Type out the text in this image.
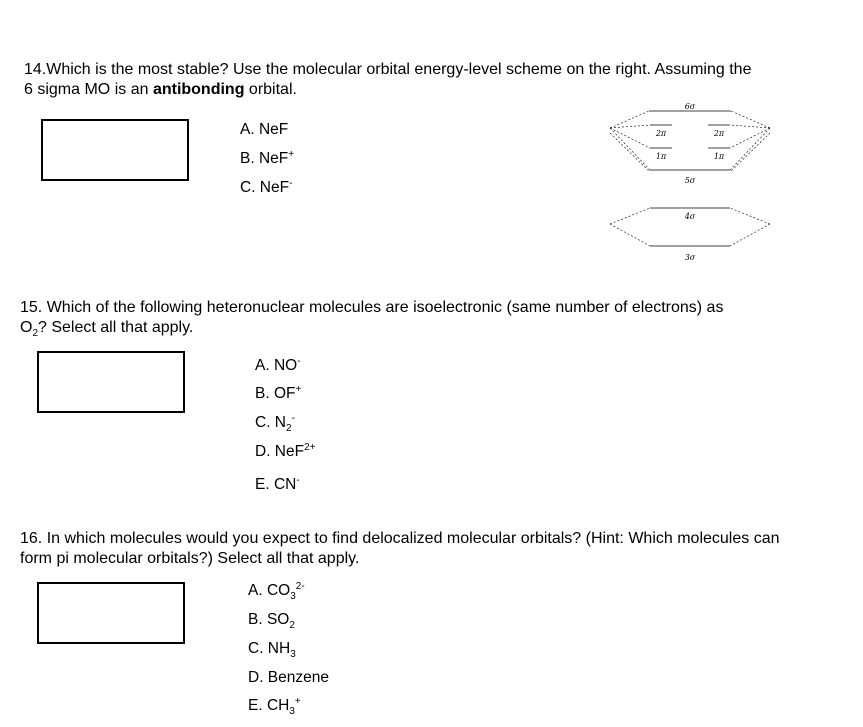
14.Which is the most stable? Use the molecular orbital energy-level scheme on the right. Assuming the
6 sigma MO is an antibonding orbital.
A. NeF
B. NeF+
C. NeF-
6σ
2π	2π
1π	1π
5σ
4σ
3σ
15. Which of the following heteronuclear molecules are isoelectronic (same number of electrons) as
$O_2$? Select all that apply.
A. NO-
B. OF+
C. $N_2^-$
D. NeF$^{2+}$
E. CN-
16. In which molecules would you expect to find delocalized molecular orbitals? (Hint: Which molecules can
form pi molecular orbitals?) Select all that apply.
A. $CO_3^{2-}$
B. $SO_2$
C. $NH_3$
D. Benzene
E. $CH_3^+$
